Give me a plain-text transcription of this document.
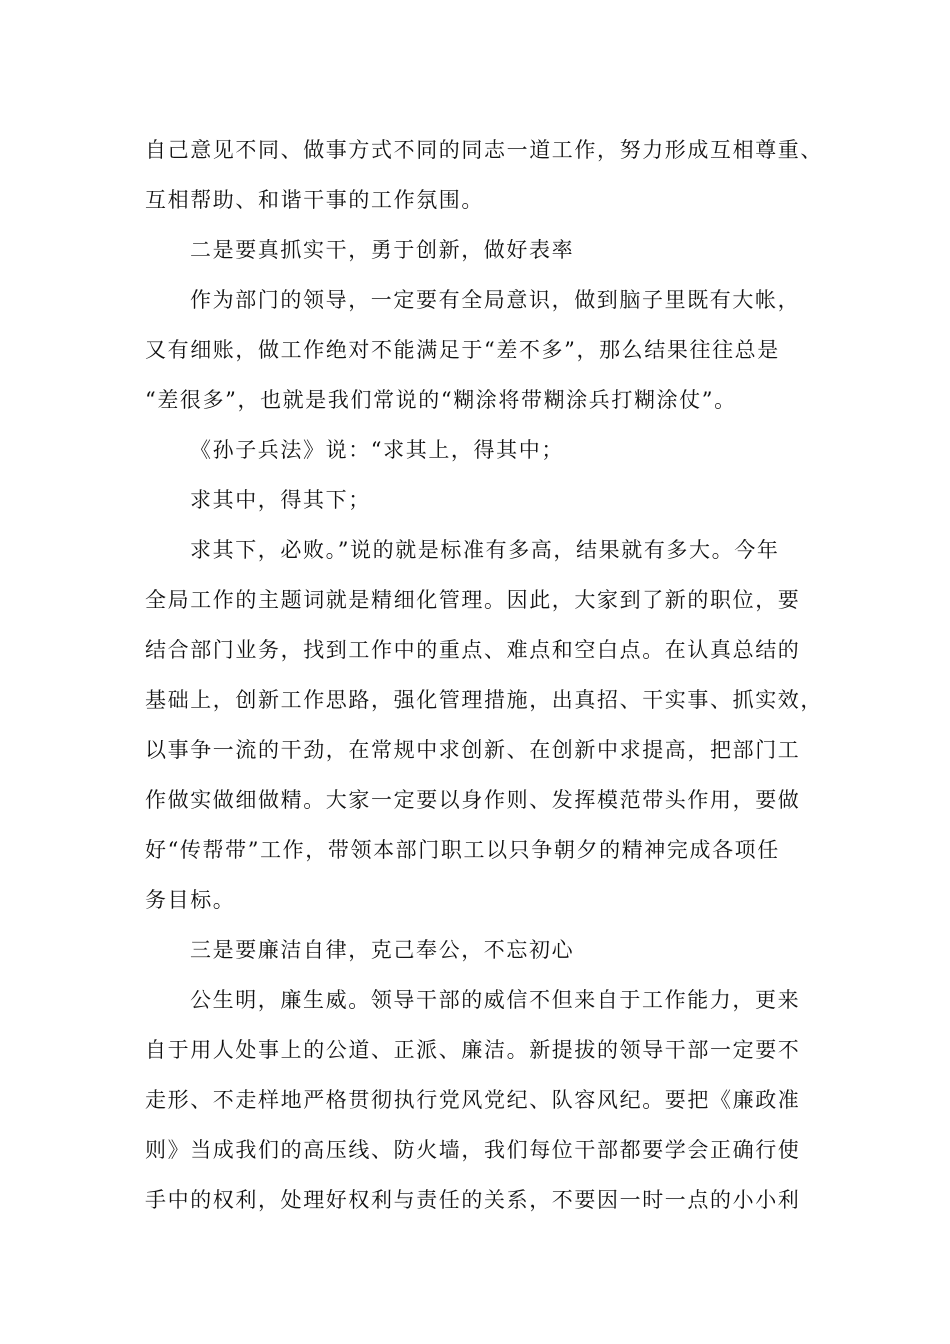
自己意见不同、做事方式不同的同志一道工作，努力形成互相尊重、
互相帮助、和谐干事的工作氛围。
二是要真抓实干，勇于创新，做好表率
作为部门的领导，一定要有全局意识，做到脑子里既有大帐，
又有细账，做工作绝对不能满足于“差不多”，那么结果往往总是
“差很多”，也就是我们常说的“糊涂将带糊涂兵打糊涂仗”。
《孙子兵法》说：“求其上，得其中；
求其中，得其下；
求其下，必败。”说的就是标准有多高，结果就有多大。今年
全局工作的主题词就是精细化管理。因此，大家到了新的职位，要
结合部门业务，找到工作中的重点、难点和空白点。在认真总结的
基础上，创新工作思路，强化管理措施，出真招、干实事、抓实效，
以事争一流的干劲，在常规中求创新、在创新中求提高，把部门工
作做实做细做精。大家一定要以身作则、发挥模范带头作用，要做
好“传帮带”工作，带领本部门职工以只争朝夕的精神完成各项任
务目标。
三是要廉洁自律，克己奉公，不忘初心
公生明，廉生威。领导干部的威信不但来自于工作能力，更来
自于用人处事上的公道、正派、廉洁。新提拔的领导干部一定要不
走形、不走样地严格贯彻执行党风党纪、队容风纪。要把《廉政准
则》当成我们的高压线、防火墙，我们每位干部都要学会正确行使
手中的权利，处理好权利与责任的关系，不要因一时一点的小小利
